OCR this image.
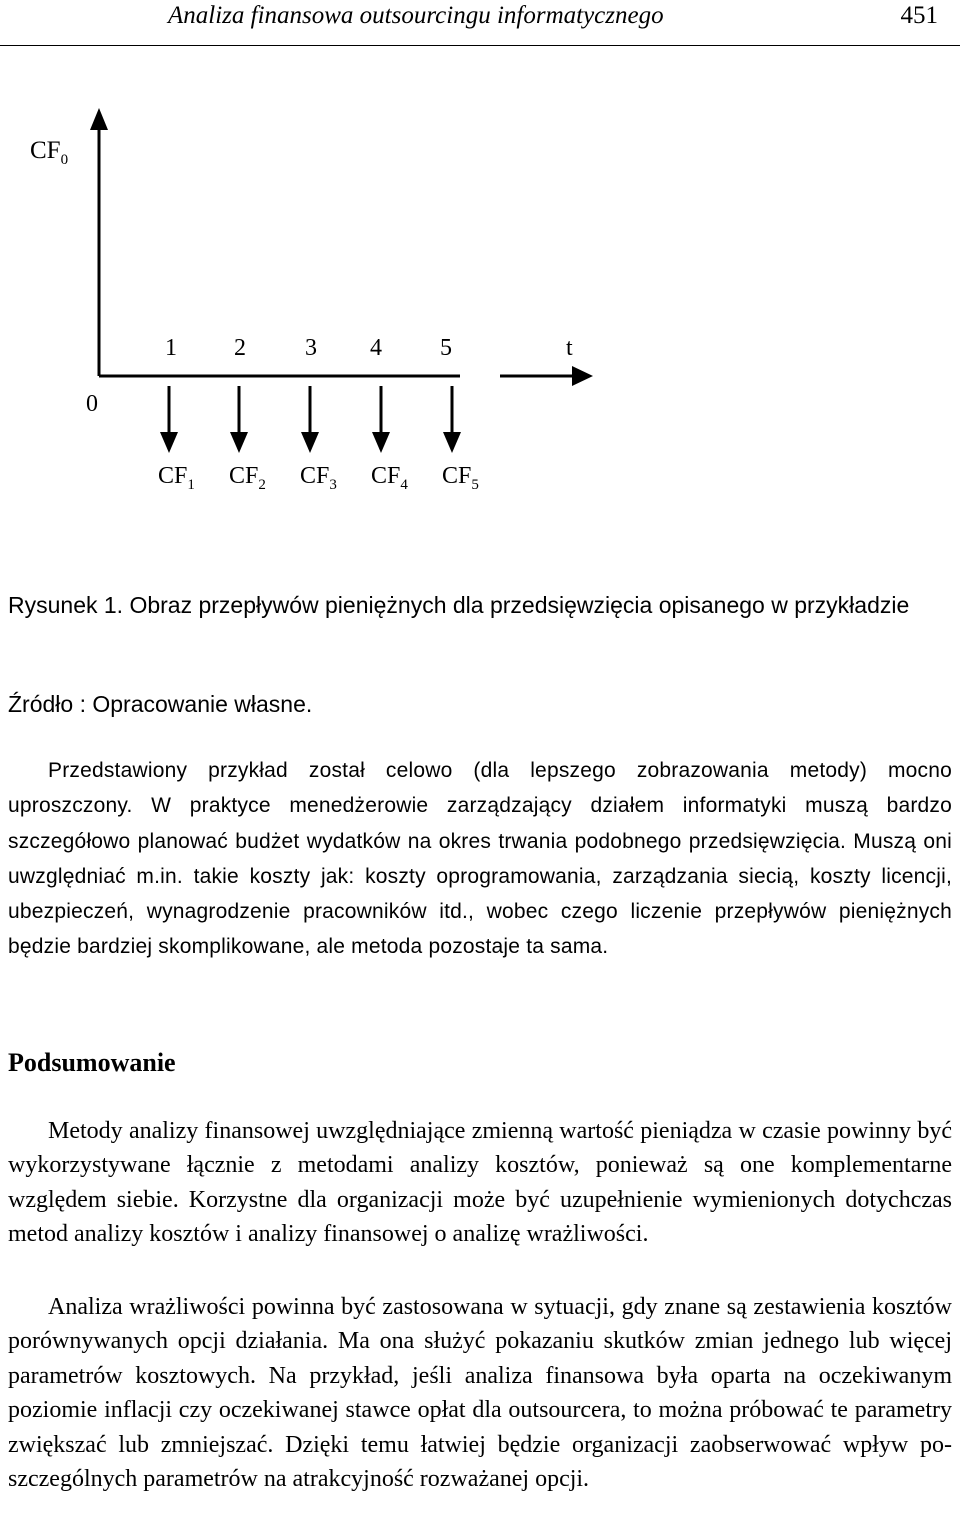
Analiza finansowa outsourcingu informatycznego	451
$CF_0$
1 2 3 4 5	t
0
$CF_1$ $CF_2$ $CF_3$ $CF_4$ $CF_5$
Rysunek 1. Obraz przepływów pieniężnych dla przedsięwzięcia opisanego w przykładzie
Źródło : Opracowanie własne.

Przedstawiony przykład został celowo (dla lepszego zobrazowania metody) mocno uproszczony. W praktyce menedżerowie zarządzający działem informatyki muszą bardzo szczegółowo planować budżet wydatków na okres trwania podobnego przedsięwzięcia. Muszą oni uwzględniać m.in. takie koszty jak: koszty oprogramowania, zarządzania siecią, koszty licencji, ubezpieczeń, wynagrodzenie pracowników itd., wobec czego liczenie przepływów pieniężnych będzie bardziej skomplikowane, ale metoda pozostaje ta sama.

Podsumowanie

Metody analizy finansowej uwzględniające zmienną wartość pieniądza w czasie powinny być wykorzystywane łącznie z metodami analizy kosztów, ponieważ są one komplementarne względem siebie. Korzystne dla organizacji może być uzupełnienie wymienionych dotychczas metod analizy kosztów i analizy finansowej o analizę wrażliwości.

Analiza wrażliwości powinna być zastosowana w sytuacji, gdy znane są zestawienia kosztów porównywanych opcji działania. Ma ona służyć pokazaniu skutków zmian jednego lub więcej parametrów kosztowych. Na przykład, jeśli analiza finansowa była oparta na oczekiwanym poziomie inflacji czy oczekiwanej stawce opłat dla outsourcera, to można próbować te parametry zwiększać lub zmniejszać. Dzięki temu łatwiej będzie organizacji zaobserwować wpływ poszczególnych parametrów na atrakcyjność rozważanej opcji.
